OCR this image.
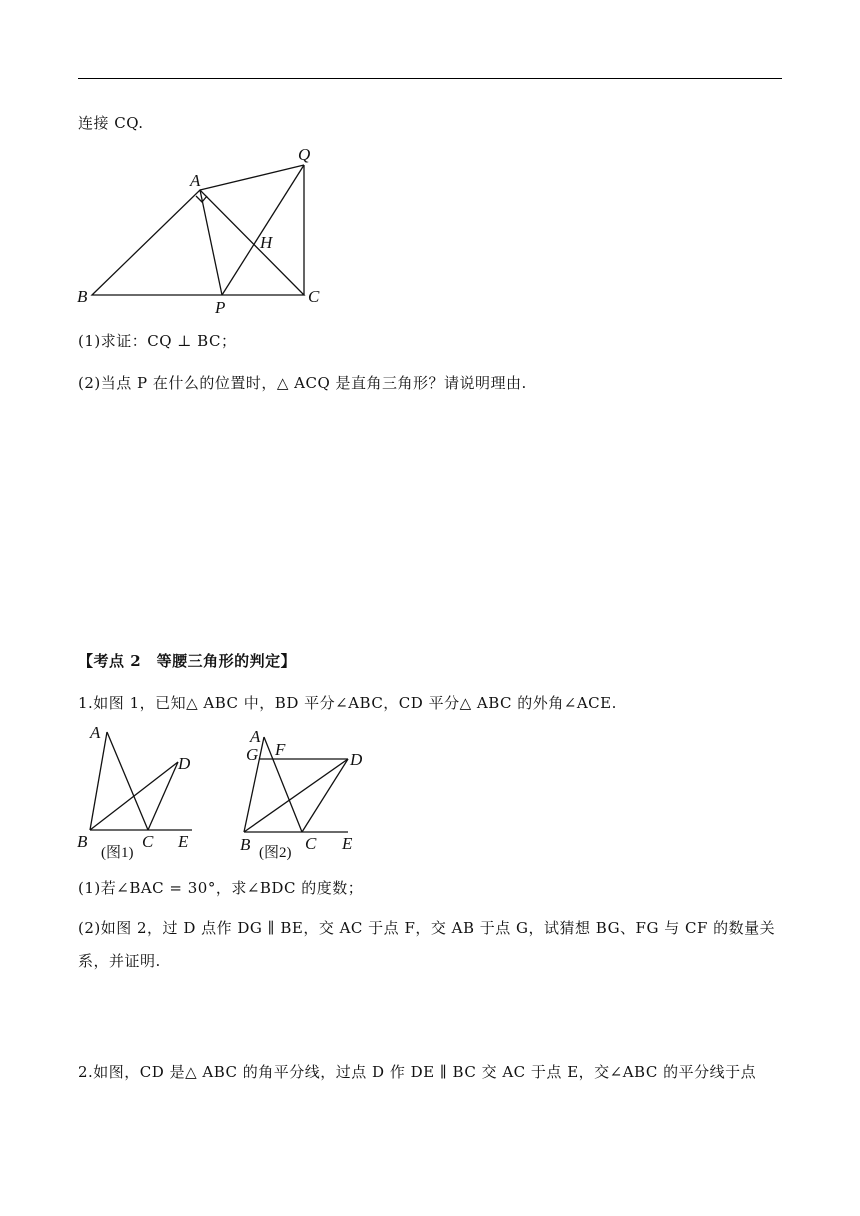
连接 CQ.
A
B	C
P
Q
H
(1)求证：CQ ⊥ BC；
(2)当点 P 在什么的位置时，△ ACQ 是直角三角形？请说明理由.
【考点 2　等腰三角形的判定】
1.如图 1，已知△ ABC 中，BD 平分∠ABC，CD 平分△ ABC 的外角∠ACE.
A
B	C
D
E
(图1)
A
G F
B	C
D
E
(图2)
(1)若∠BAC = 30°，求∠BDC 的度数；
(2)如图 2，过 D 点作 DG ∥ BE，交 AC 于点 F，交 AB 于点 G，试猜想 BG、FG 与 CF 的数量关
系，并证明.
2.如图，CD 是△ ABC 的角平分线，过点 D 作 DE ∥ BC 交 AC 于点 E，交∠ABC 的平分线于点
